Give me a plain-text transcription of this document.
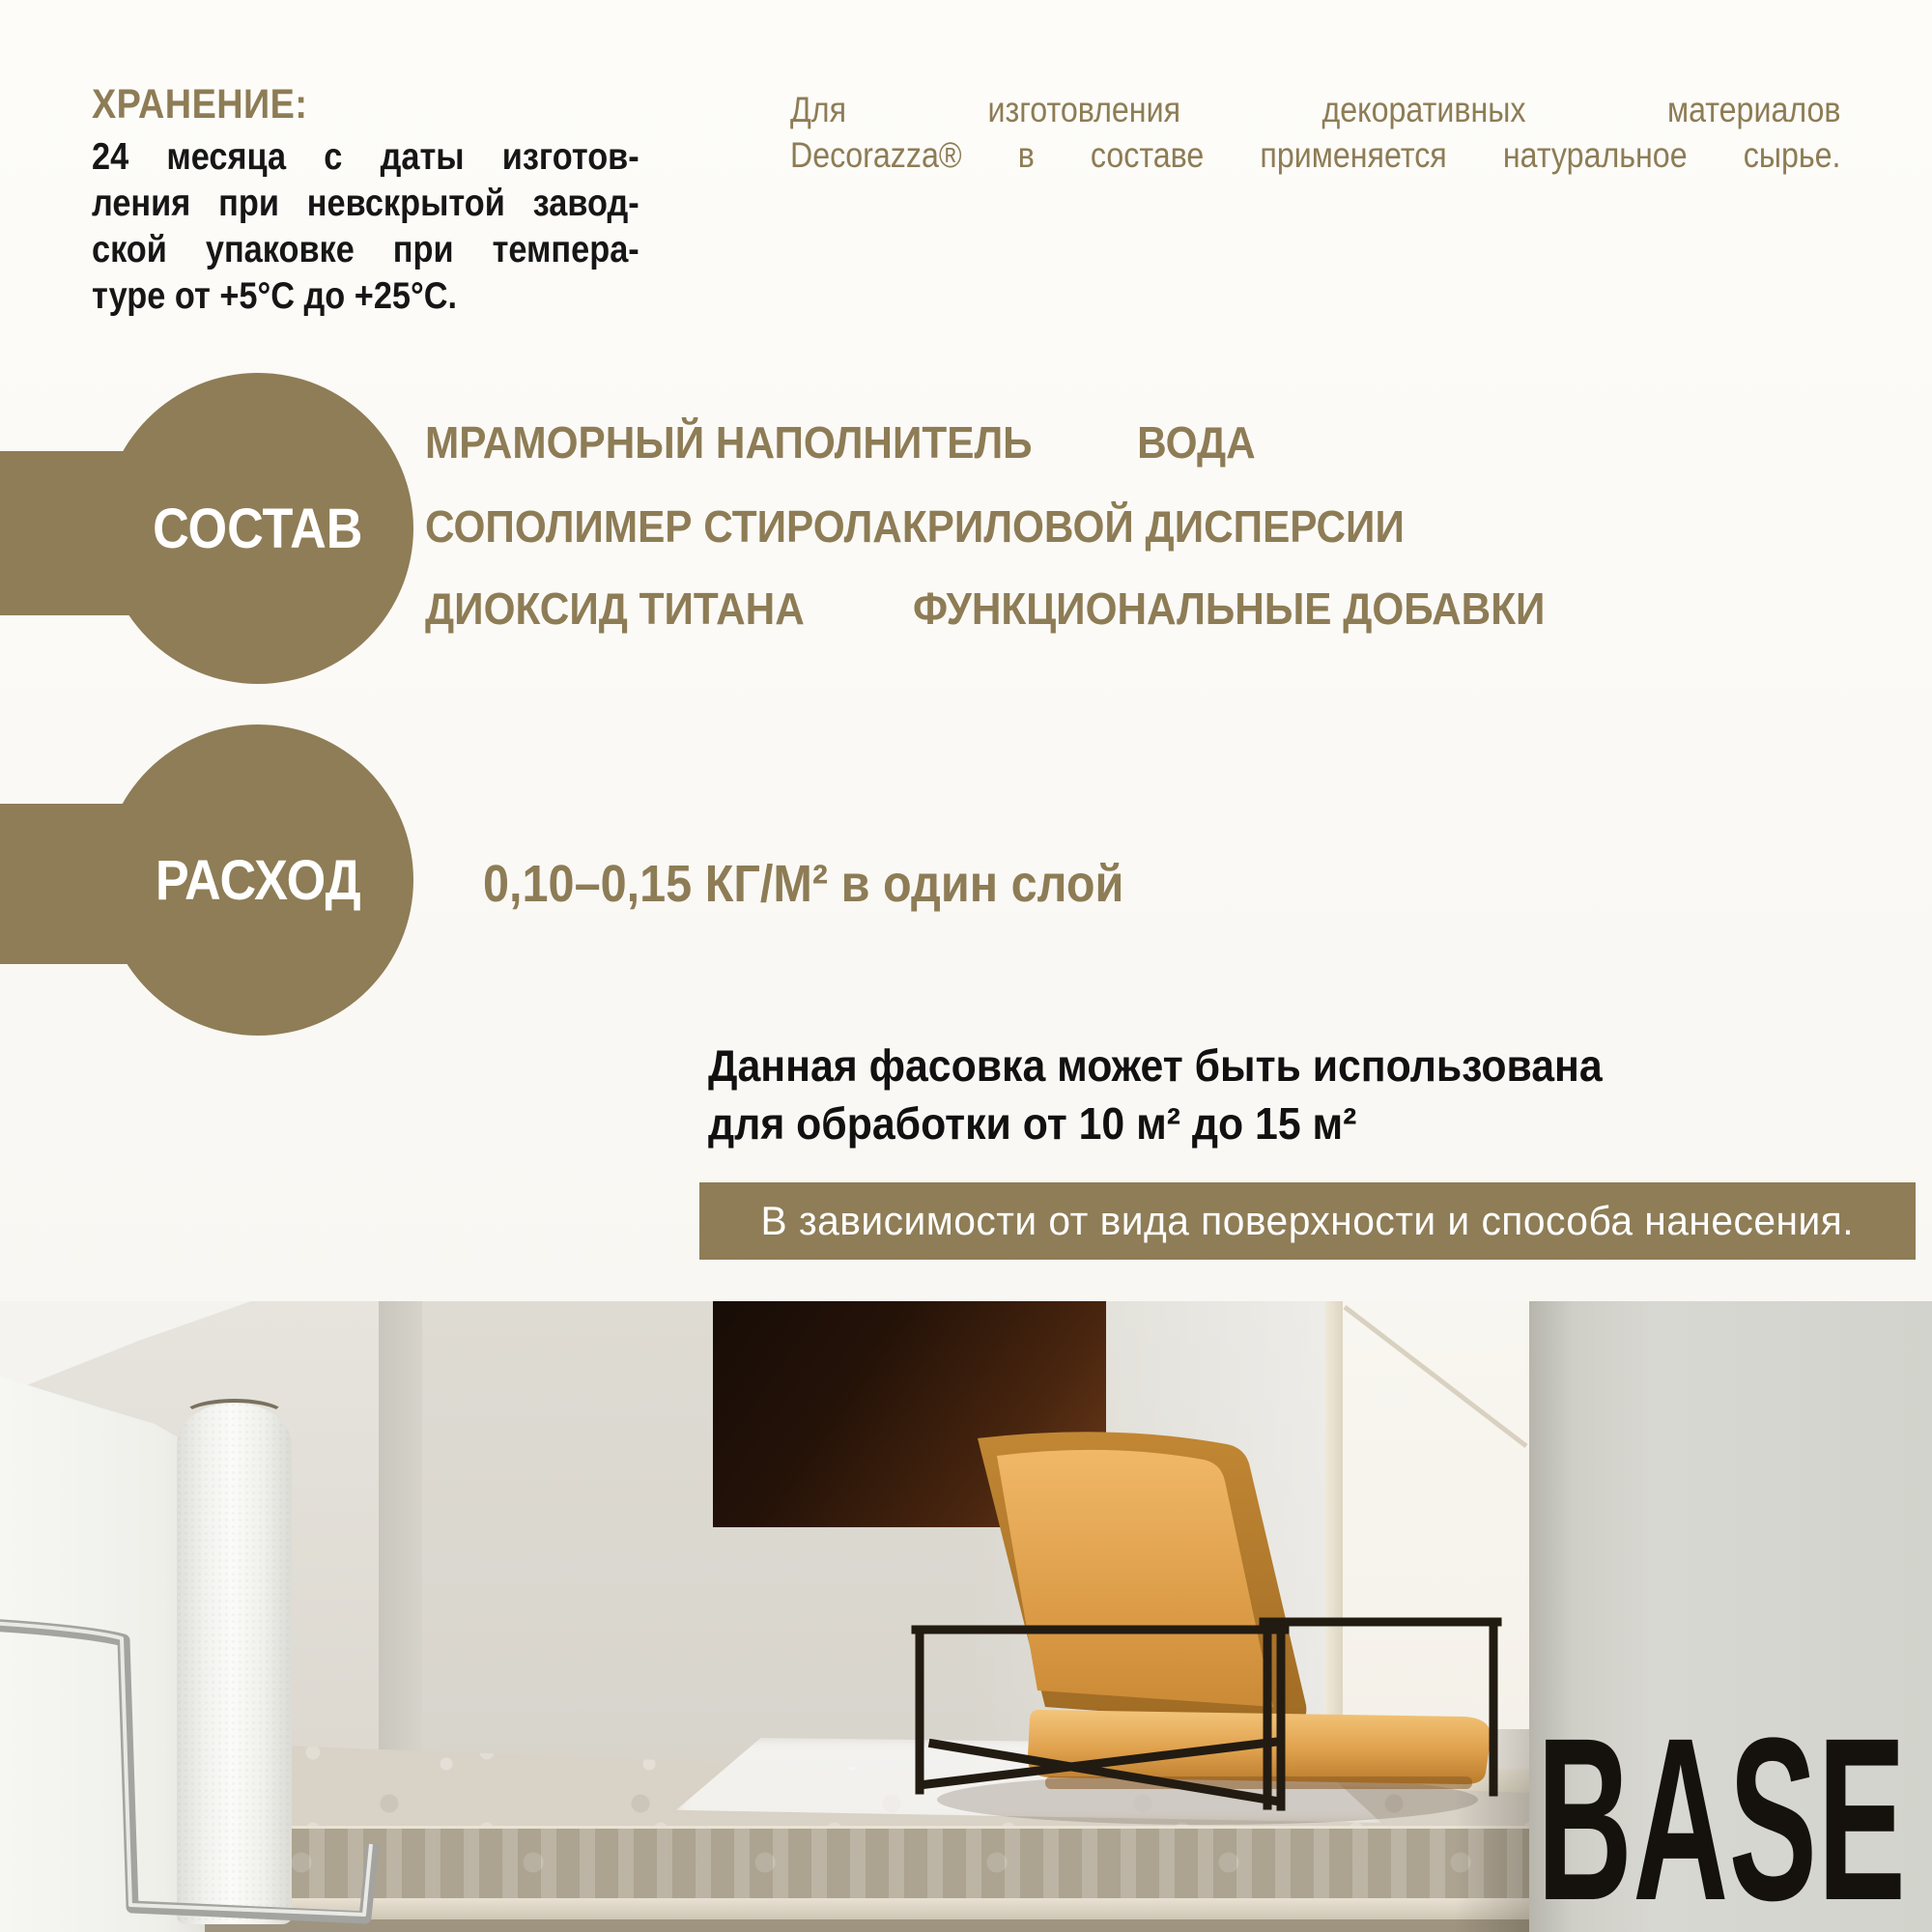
ХРАНЕНИЕ:
24 месяца с даты изготов-
ления при невскрытой завод-
ской упаковке при темпера-
туре от +5°С до +25°С.
Для изготовления декоративных материалов
Decorazza® в составе применяется натуральное сырье.
СОСТАВ
МРАМОРНЫЙ НАПОЛНИТЕЛЬ ВОДА
СОПОЛИМЕР СТИРОЛАКРИЛОВОЙ ДИСПЕРСИИ
ДИОКСИД ТИТАНА ФУНКЦИОНАЛЬНЫЕ ДОБАВКИ
РАСХОД 0,10–0,15 КГ/М² в один слой
Данная фасовка может быть использована
для обработки от 10 м² до 15 м²
В зависимости от вида поверхности и способа нанесения.
BASE
